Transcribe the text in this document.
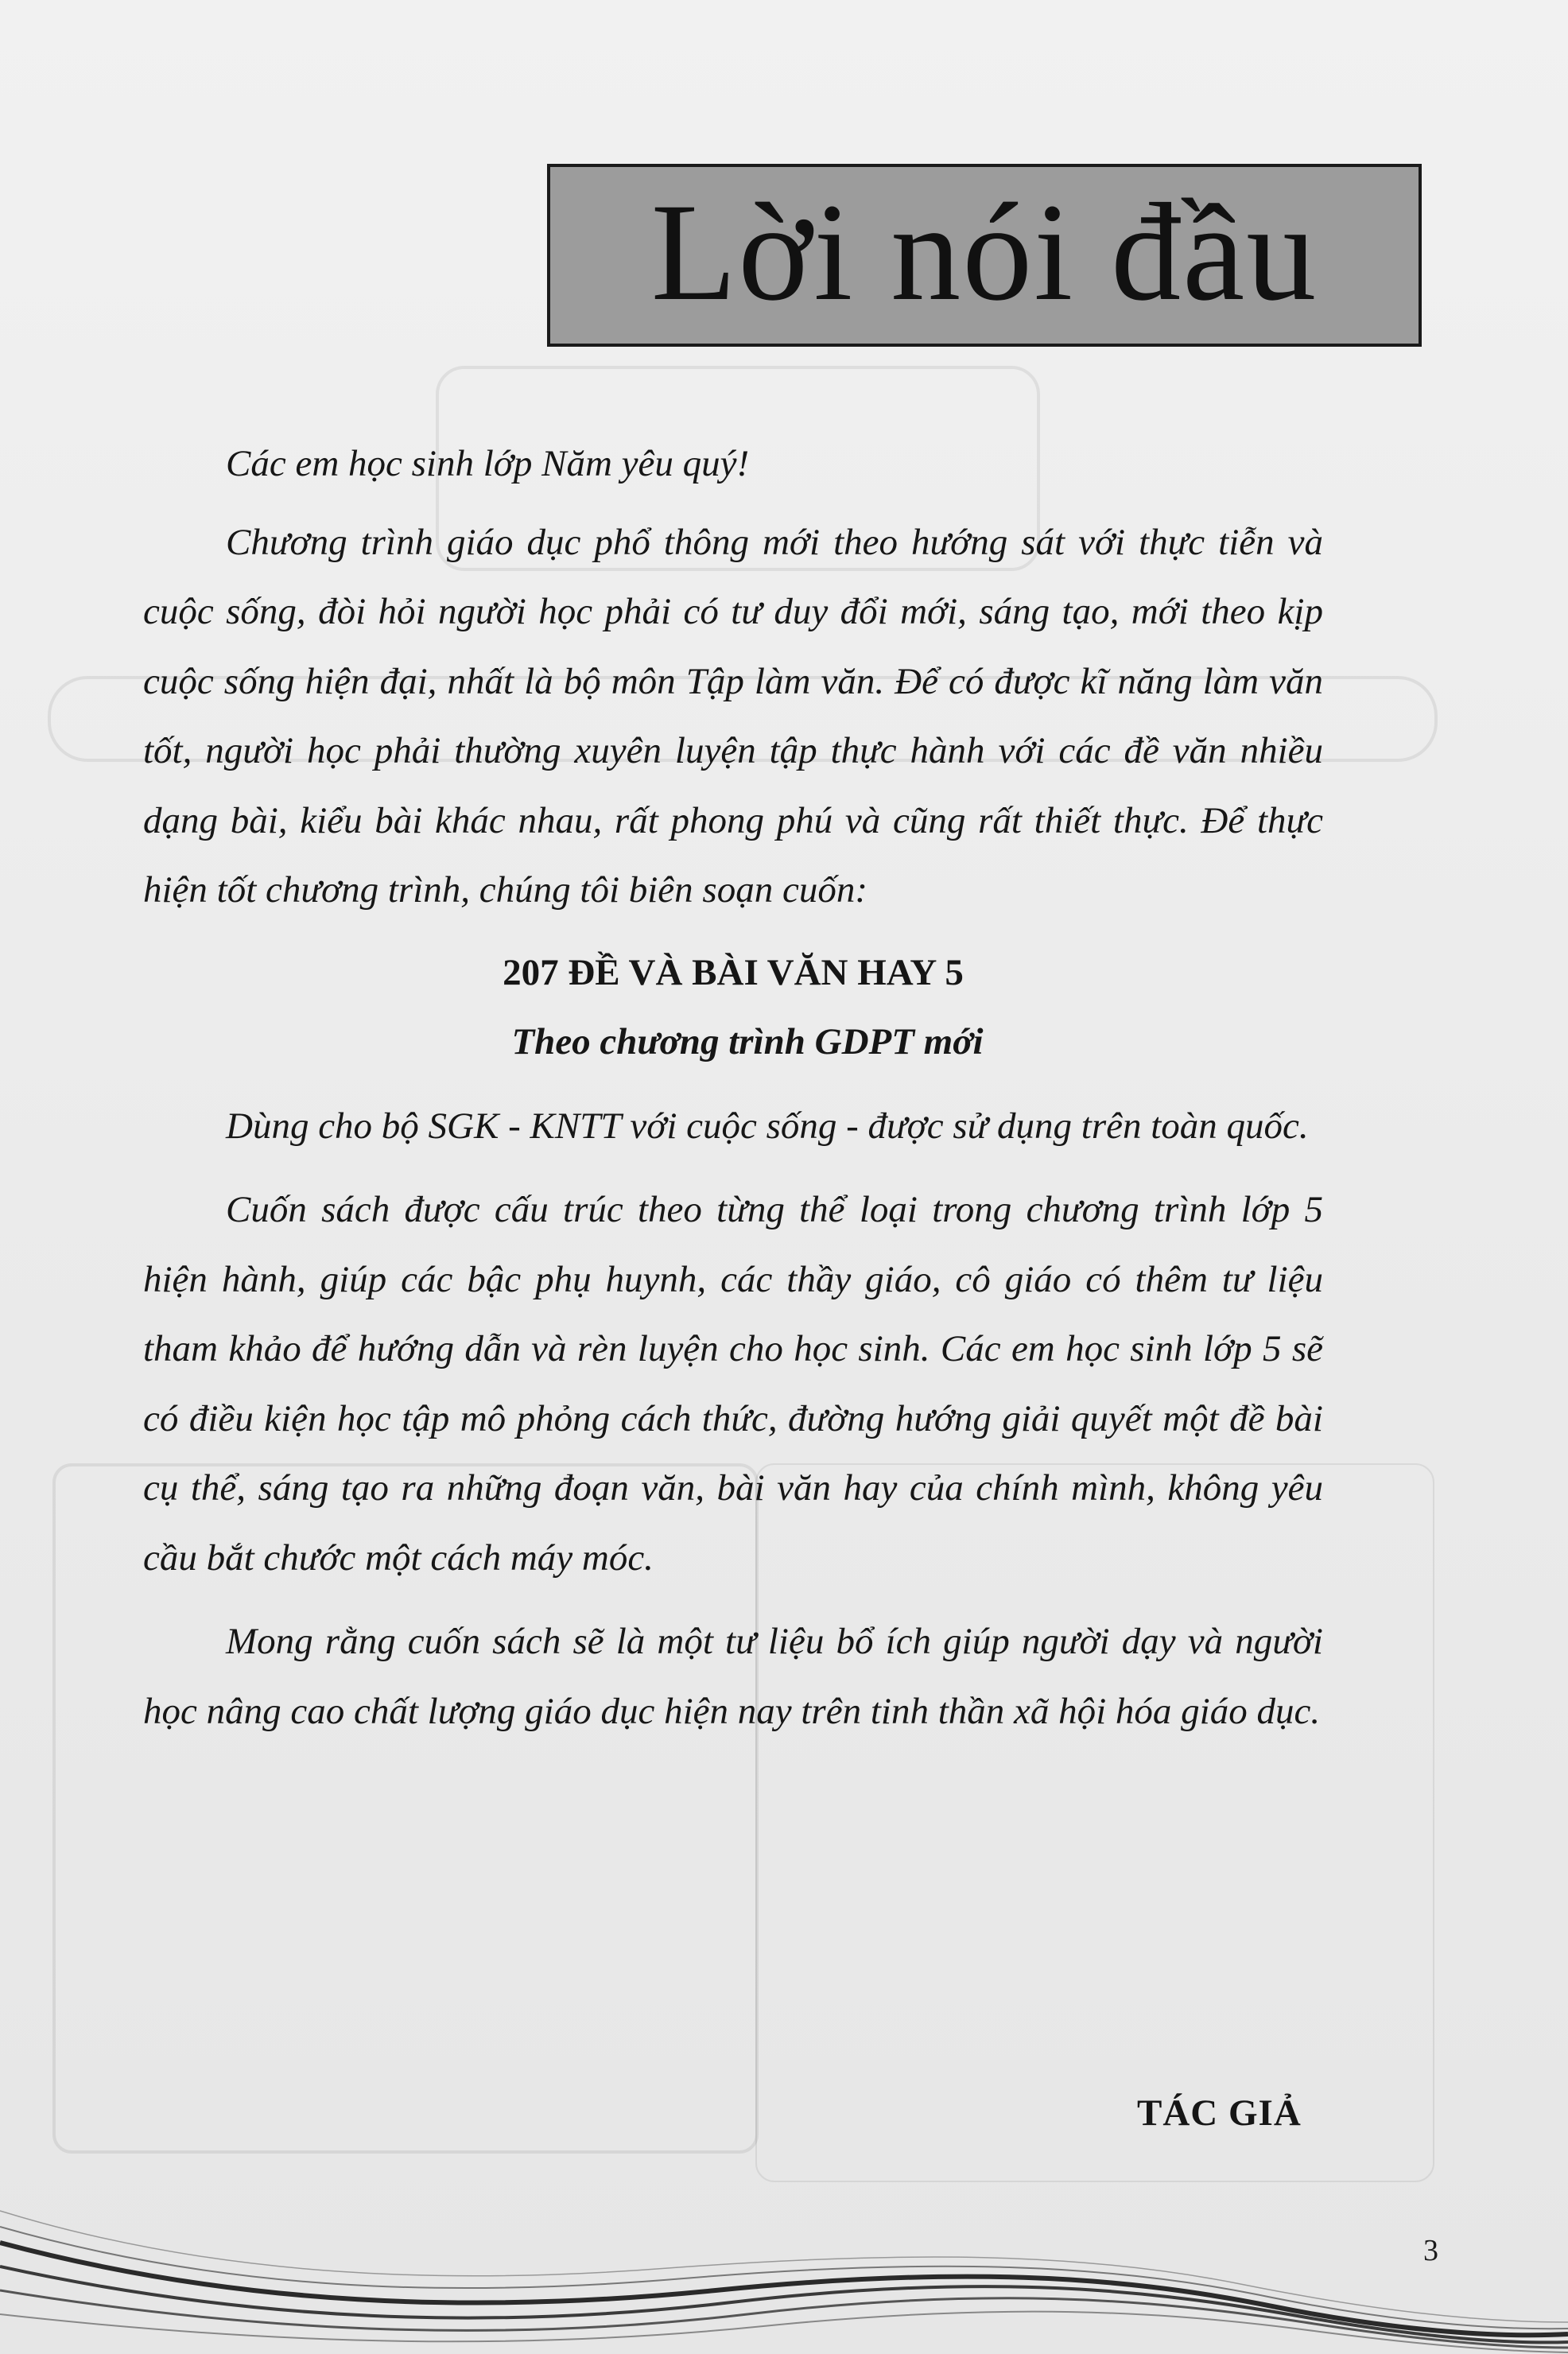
Lời nói đầu

Các em học sinh lớp Năm yêu quý!

Chương trình giáo dục phổ thông mới theo hướng sát với thực tiễn và cuộc sống, đòi hỏi người học phải có tư duy đổi mới, sáng tạo, mới theo kịp cuộc sống hiện đại, nhất là bộ môn Tập làm văn. Để có được kĩ năng làm văn tốt, người học phải thường xuyên luyện tập thực hành với các đề văn nhiều dạng bài, kiểu bài khác nhau, rất phong phú và cũng rất thiết thực. Để thực hiện tốt chương trình, chúng tôi biên soạn cuốn:

207 ĐỀ VÀ BÀI VĂN HAY 5

Theo chương trình GDPT mới

Dùng cho bộ SGK - KNTT với cuộc sống - được sử dụng trên toàn quốc.

Cuốn sách được cấu trúc theo từng thể loại trong chương trình lớp 5 hiện hành, giúp các bậc phụ huynh, các thầy giáo, cô giáo có thêm tư liệu tham khảo để hướng dẫn và rèn luyện cho học sinh. Các em học sinh lớp 5 sẽ có điều kiện học tập mô phỏng cách thức, đường hướng giải quyết một đề bài cụ thể, sáng tạo ra những đoạn văn, bài văn hay của chính mình, không yêu cầu bắt chước một cách máy móc.

Mong rằng cuốn sách sẽ là một tư liệu bổ ích giúp người dạy và người học nâng cao chất lượng giáo dục hiện nay trên tinh thần xã hội hóa giáo dục.

TÁC GIẢ
3
